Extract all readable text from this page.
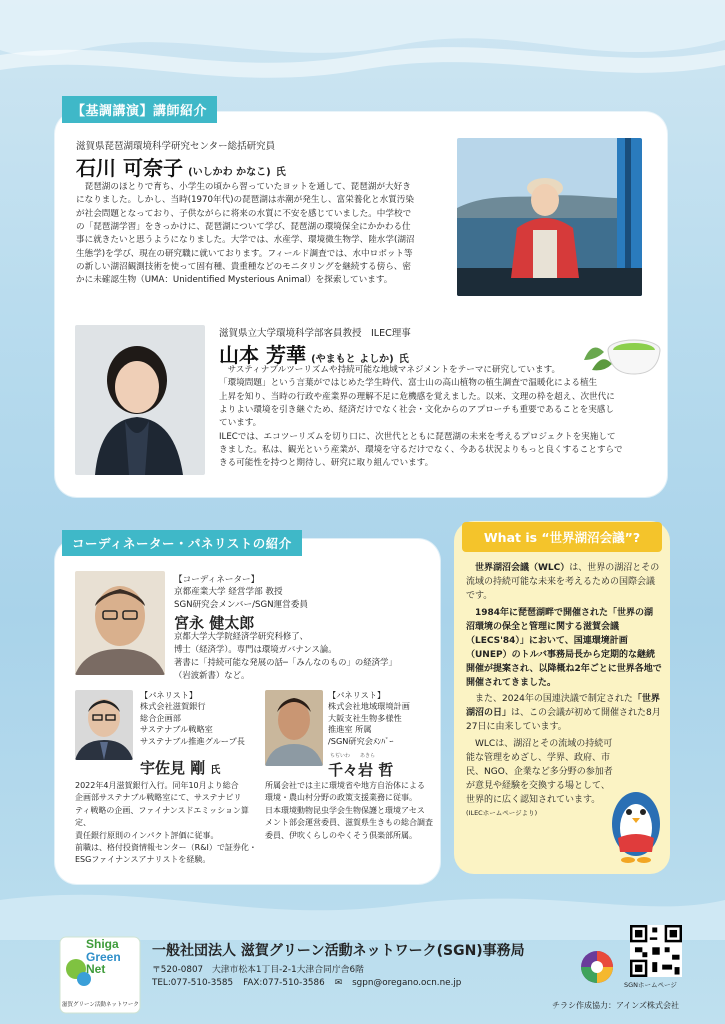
【基調講演】講師紹介
滋賀県琵琶湖環境科学研究センター総括研究員
石川 可奈子 (いしかわ かなこ) 氏
　琵琶湖のほとりで育ち、小学生の頃から習っていたヨットを通して、琵琶湖が大好き
になりました。しかし、当時(1970年代)の琵琶湖は赤潮が発生し、富栄養化と水質汚染
が社会問題となっており、子供ながらに将来の水質に不安を感じていました。中学校で
の「琵琶湖学習」をきっかけに、琵琶湖について学び、琵琶湖の環境保全にかかわる仕
事に就きたいと思うようになりました。大学では、水産学、環境微生物学、陸水学(湖沼
生態学)を学び、現在の研究職に就いております。フィールド調査では、水中ロボット等
の新しい湖沼観測技術を使って固有種、貴重種などのモニタリングを継続する傍ら、密
かに未確認生物（UMA：Unidentified Mysterious Animal）を探索しています。
滋賀県立大学環境科学部客員教授　ILEC理事
山本 芳華 (やまもと よしか) 氏
　サスティナブルツーリズムや持続可能な地域マネジメントをテーマに研究しています。
「環境問題」という言葉がではじめた学生時代、富士山の高山植物の植生調査で温暖化による植生
上昇を知り、当時の行政や産業界の理解不足に危機感を覚えました。以来、文理の枠を超え、次世代に
よりよい環境を引き継ぐため、経済だけでなく社会・文化からのアプローチも重要であることを実感し
ています。
ILECでは、エコツーリズムを切り口に、次世代とともに琵琶湖の未来を考えるプロジェクトを実施して
きました。私は、観光という産業が、環境を守るだけでなく、今ある状況よりもっと良くすることすらで
きる可能性を持つと期待し、研究に取り組んでいます。
コーディネーター・パネリストの紹介
【コーディネーター】
京都産業大学 経営学部 教授
SGN研究会メンバー/SGN運営委員
宮永 健太郎
京都大学大学院経済学研究科修了、
博士（経済学）。専門は環境ガバナンス論。
著書に「持続可能な発展の話─「みんなのもの」の経済学」
（岩波新書）など。
【パネリスト】
株式会社滋賀銀行
総合企画部
サステナブル戦略室
サステナブル推進グループ長
宇佐見 剛 氏
2022年4月滋賀銀行入行。同年10月より総合
企画部サステナブル戦略室にて、サステナビリ
ティ戦略の企画、ファイナンスドエミッション算定、
責任銀行原則のインパクト評価に従事。
前職は、格付投資情報センター（R&I）で証券化・
ESGファイナンスアナリストを経験。
【パネリスト】
株式会社地域環境計画
大阪支社生物多様性
推進室 所属
/SGN研究会ﾒﾝﾊﾞｰ
ちぢいわ　　あきら
千々岩 哲
所属会社では主に環境省や地方自治体による
環境・農山村分野の政策支援業務に従事。
日本環境動物昆虫学会生物保護と環境アセス
メント部会運営委員、滋賀県生きもの総合調査
委員、伊吹くらしのやくそう倶楽部所属。
What is “世界湖沼会議”?

世界湖沼会議（WLC）は、世界の湖沼とその流域の持続可能な未来を考えるための国際会議です。

1984年に琵琶湖畔で開催された「世界の湖沼環境の保全と管理に関する滋賀会議（LECS'84）」において、国連環境計画（UNEP）のトルバ事務局長から定期的な継続開催が提案され、以降概ね2年ごとに世界各地で開催されてきました。

また、2024年の国連決議で制定された「世界湖沼の日」は、この会議が初めて開催された8月27日に由来しています。

WLCは、湖沼とその流域の持続可能な管理をめざし、学界、政府、市民、NGO、企業など多分野の参加者が意見や経験を交換する場として、世界的に広く認知されています。

(ILECホームページより)

Shiga
Green
Net
滋賀グリーン活動ネットワーク
一般社団法人 滋賀グリーン活動ネットワーク(SGN)事務局
〒520-0807　大津市松本1丁目-2-1大津合同庁舎6階
TEL:077-510-3585 FAX:077-510-3586 ✉ sgpn@oregano.ocn.ne.jp	SGNホームページ
チラシ作成協力：アインズ株式会社
